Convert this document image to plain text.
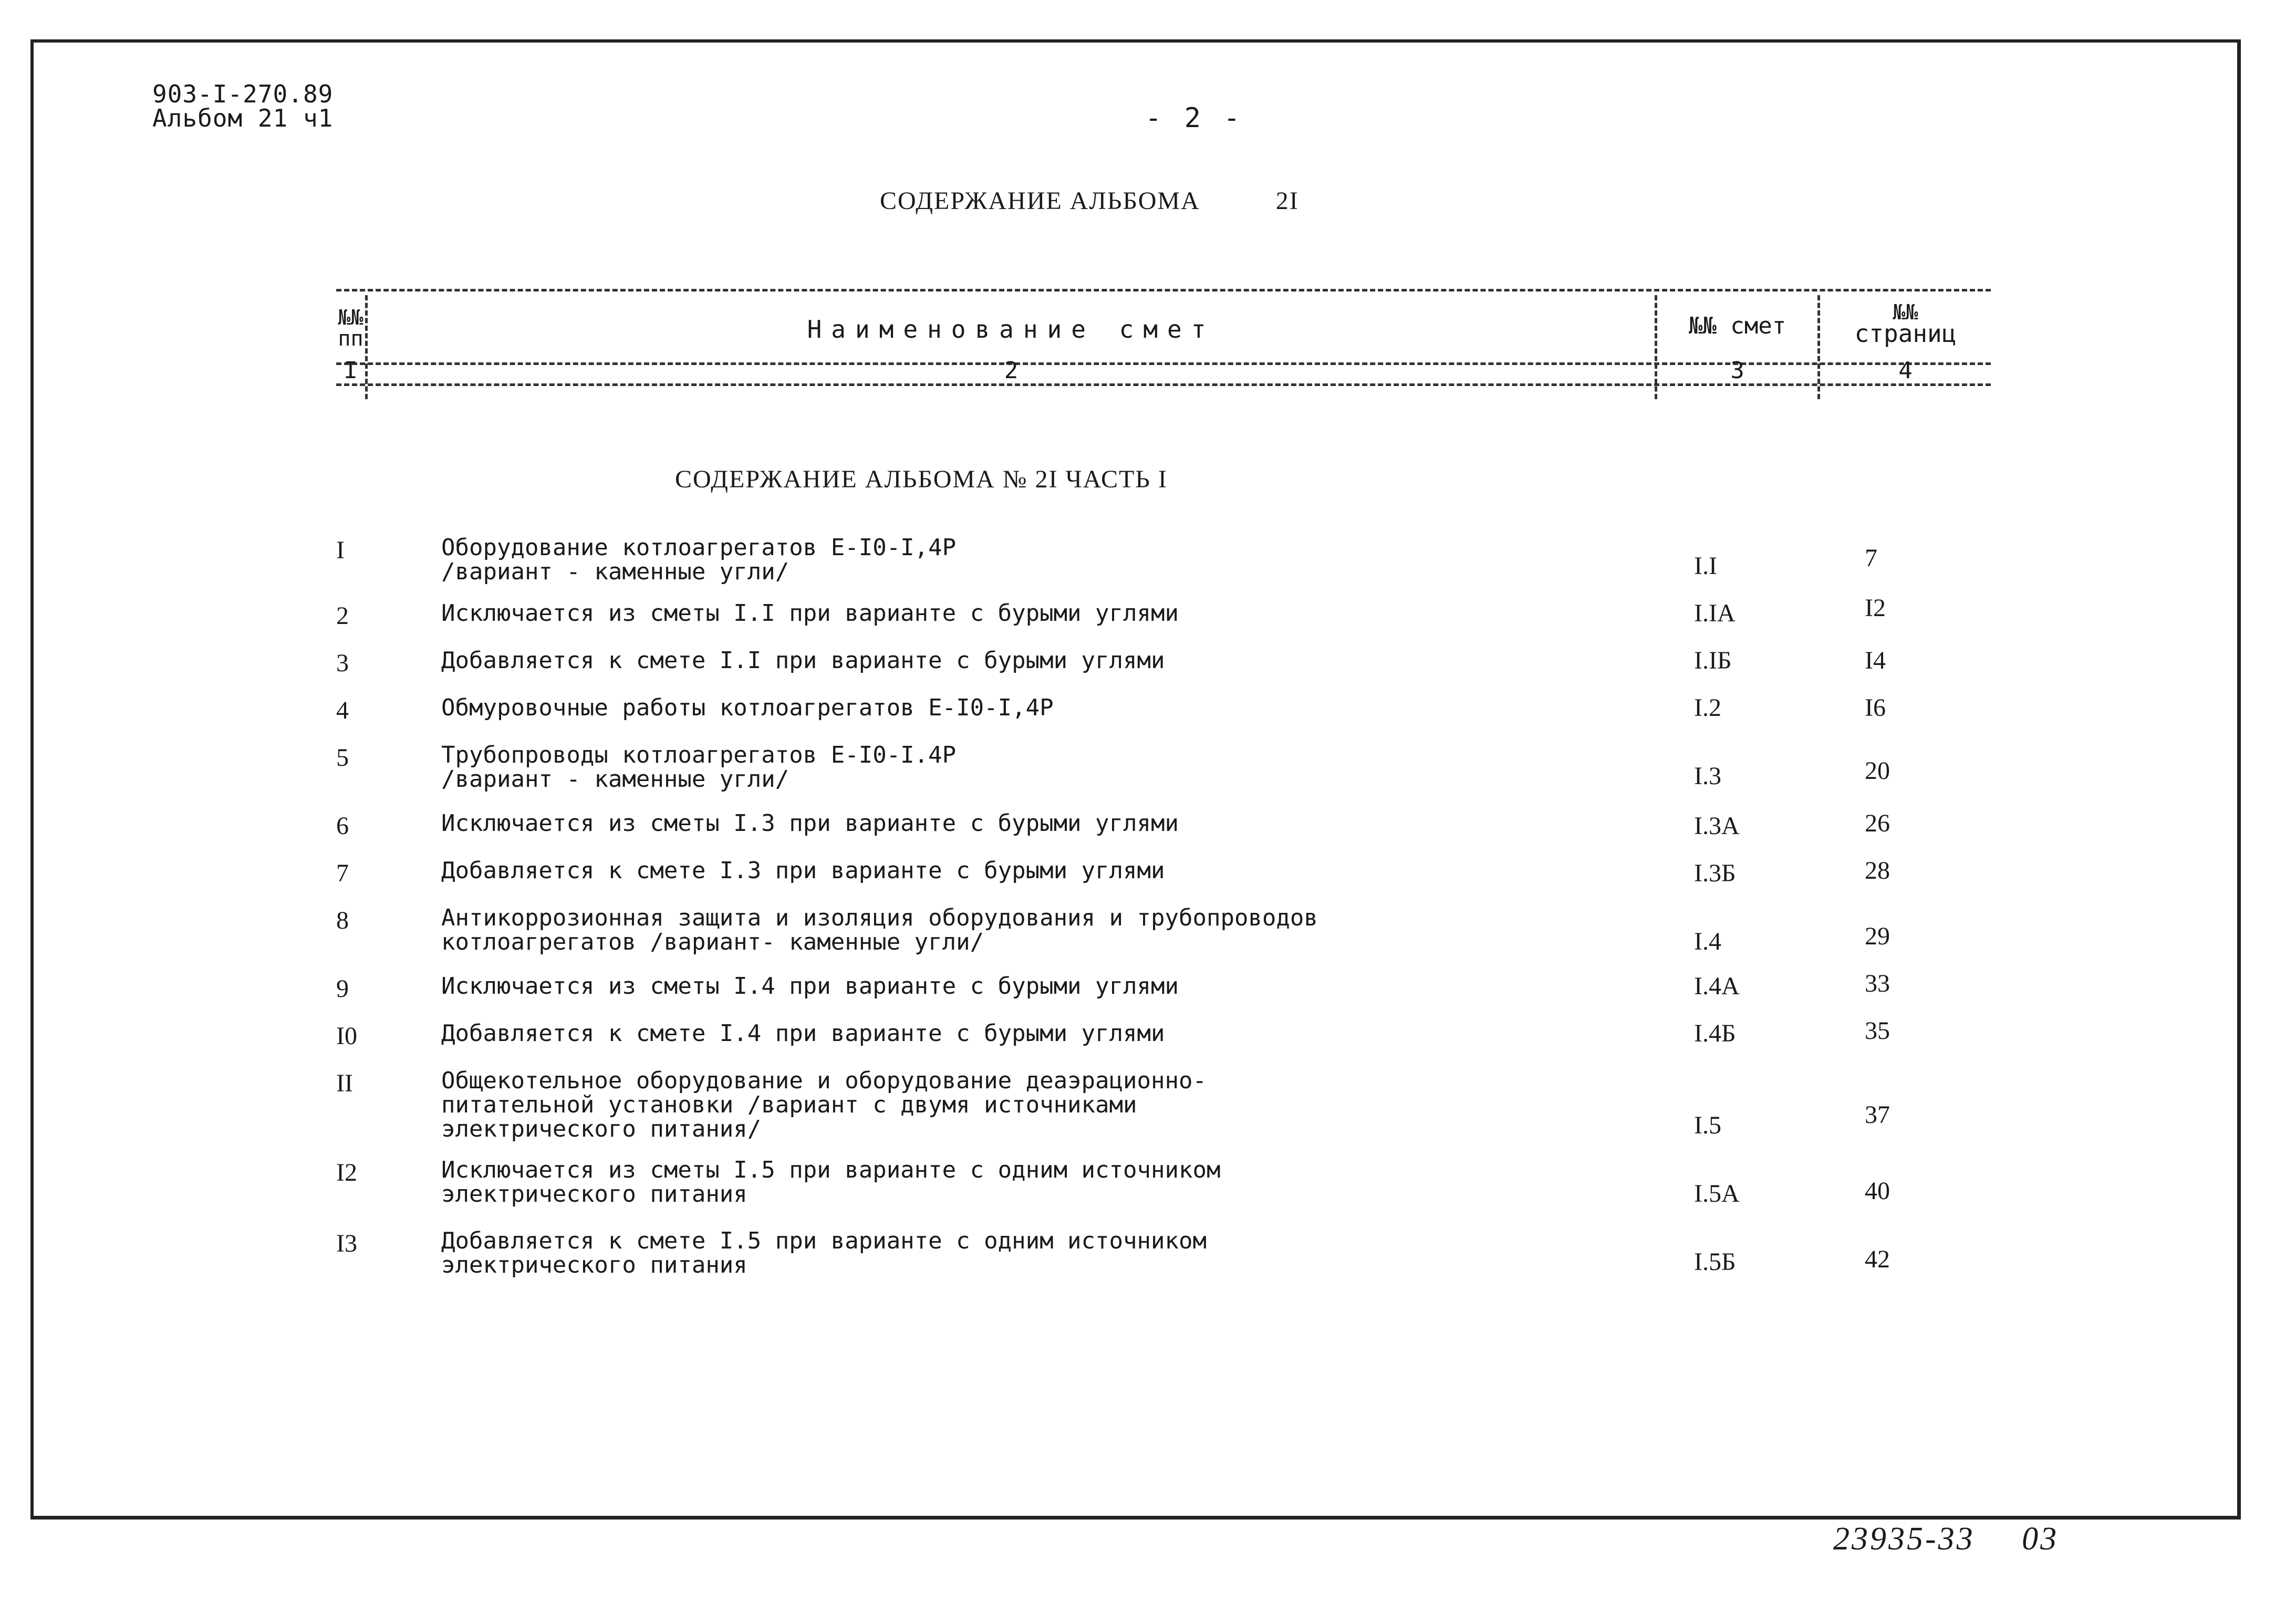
903-I-270.89
Альбом 21 ч1	- 2 -
СОДЕРЖАНИЕ АЛЬБОМА	2I
№№
пп	Наименование смет	№№ смет	№№
страниц
I	2	3	4
СОДЕРЖАНИЕ АЛЬБОМА № 2I ЧАСТЬ I
I	Оборудование котлоагрегатов Е-I0-I,4Р
/вариант - каменные угли/	I.I	7
2	Исключается из сметы I.I при варианте с бурыми углями	I.IА	I2
3	Добавляется к смете I.I при варианте с бурыми углями	I.IБ	I4
4	Обмуровочные работы котлоагрегатов Е-I0-I,4Р	I.2	I6
5	Трубопроводы котлоагрегатов Е-I0-I.4Р
/вариант - каменные угли/	I.3	20
6	Исключается из сметы I.3 при варианте с бурыми углями	I.3А	26
7	Добавляется к смете I.3 при варианте с бурыми углями	I.3Б	28
8	Антикоррозионная защита и изоляция оборудования и трубопроводов
котлоагрегатов /вариант- каменные угли/	I.4	29
9	Исключается из сметы I.4 при варианте с бурыми углями	I.4А	33
I0	Добавляется к смете I.4 при варианте с бурыми углями	I.4Б	35
II	Общекотельное оборудование и оборудование деаэрационно-
питательной установки /вариант с двумя источниками
электрического питания/	I.5	37
I2	Исключается из сметы I.5 при варианте с одним источником
электрического питания	I.5А	40
I3	Добавляется к смете I.5 при варианте с одним источником
электрического питания	I.5Б	42
23935-33 03
